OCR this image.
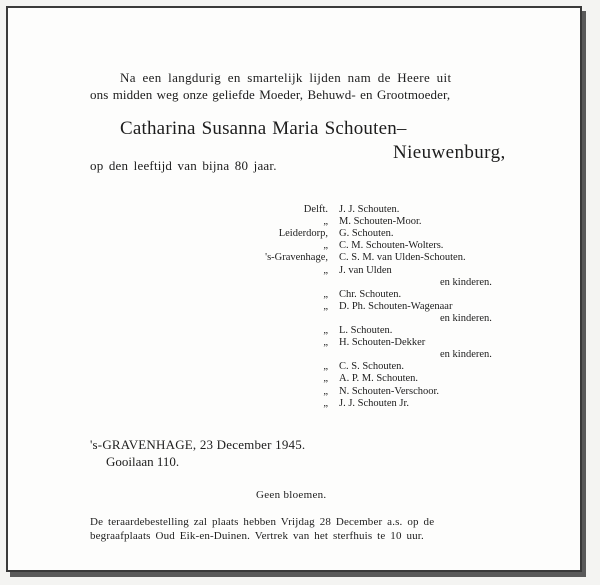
Na een langdurig en smartelijk lijden nam de Heere uit
ons midden weg onze geliefde Moeder, Behuwd- en Grootmoeder,
Catharina Susanna Maria Schouten–
Nieuwenburg,
op den leeftijd van bijna 80 jaar.
Delft. J. J. Schouten.
„ M. Schouten-Moor.
Leiderdorp, G. Schouten.
„ C. M. Schouten-Wolters.
's-Gravenhage, C. S. M. van Ulden-Schouten.
„ J. van Ulden
en kinderen.
„ Chr. Schouten.
„ D. Ph. Schouten-Wagenaar
en kinderen.
„ L. Schouten.
„ H. Schouten-Dekker
en kinderen.
„ C. S. Schouten.
„ A. P. M. Schouten.
„ N. Schouten-Verschoor.
„ J. J. Schouten Jr.
's-GRAVENHAGE, 23 December 1945.
Gooilaan 110.
Geen bloemen.
De teraardebestelling zal plaats hebben Vrijdag 28 December a.s. op de
begraafplaats Oud Eik-en-Duinen. Vertrek van het sterfhuis te 10 uur.
